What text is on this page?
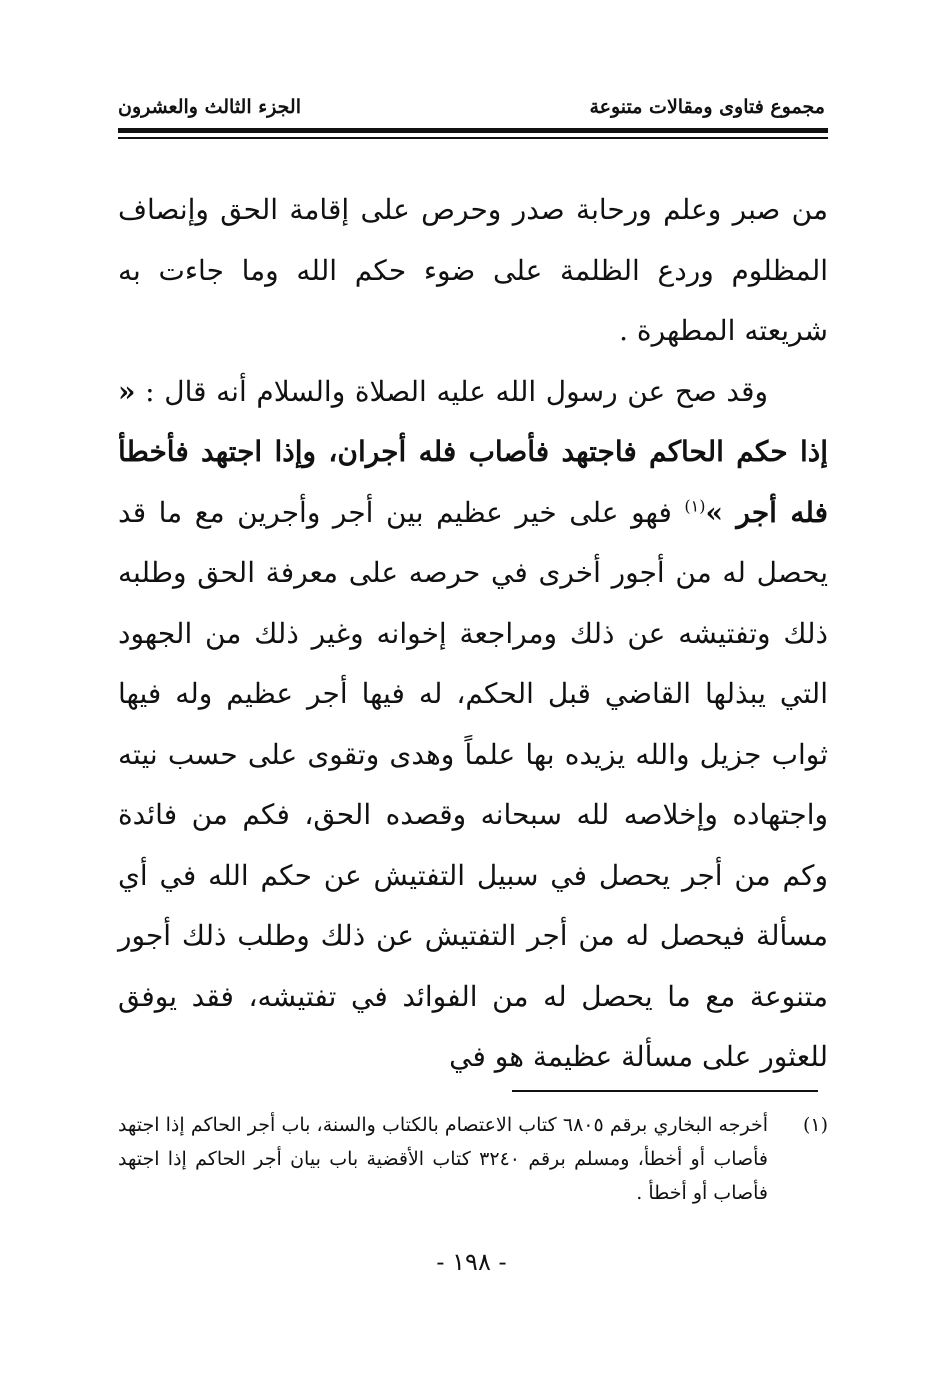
مجموع فتاوى ومقالات متنوعة
الجزء الثالث والعشرون

من صبر وعلم ورحابة صدر وحرص على إقامة الحق وإنصاف المظلوم وردع الظلمة على ضوء حكم الله وما جاءت به شريعته المطهرة .

وقد صح عن رسول الله عليه الصلاة والسلام أنه قال : « إذا حكم الحاكم فاجتهد فأصاب فله أجران، وإذا اجتهد فأخطأ فله أجر »$^{(١)}$ فهو على خير عظيم بين أجر وأجرين مع ما قد يحصل له من أجور أخرى في حرصه على معرفة الحق وطلبه ذلك وتفتيشه عن ذلك ومراجعة إخوانه وغير ذلك من الجهود التي يبذلها القاضي قبل الحكم، له فيها أجر عظيم وله فيها ثواب جزيل والله يزيده بها علماً وهدى وتقوى على حسب نيته واجتهاده وإخلاصه لله سبحانه وقصده الحق، فكم من فائدة وكم من أجر يحصل في سبيل التفتيش عن حكم الله في أي مسألة فيحصل له من أجر التفتيش عن ذلك وطلب ذلك أجور متنوعة مع ما يحصل له من الفوائد في تفتيشه، فقد يوفق للعثور على مسألة عظيمة هو في

(١)
أخرجه البخاري برقم ٦٨٠٥ كتاب الاعتصام بالكتاب والسنة، باب أجر الحاكم إذا اجتهد فأصاب أو أخطأ، ومسلم برقم ٣٢٤٠ كتاب الأقضية باب بيان أجر الحاكم إذا اجتهد فأصاب أو أخطأ .
- ١٩٨ -
